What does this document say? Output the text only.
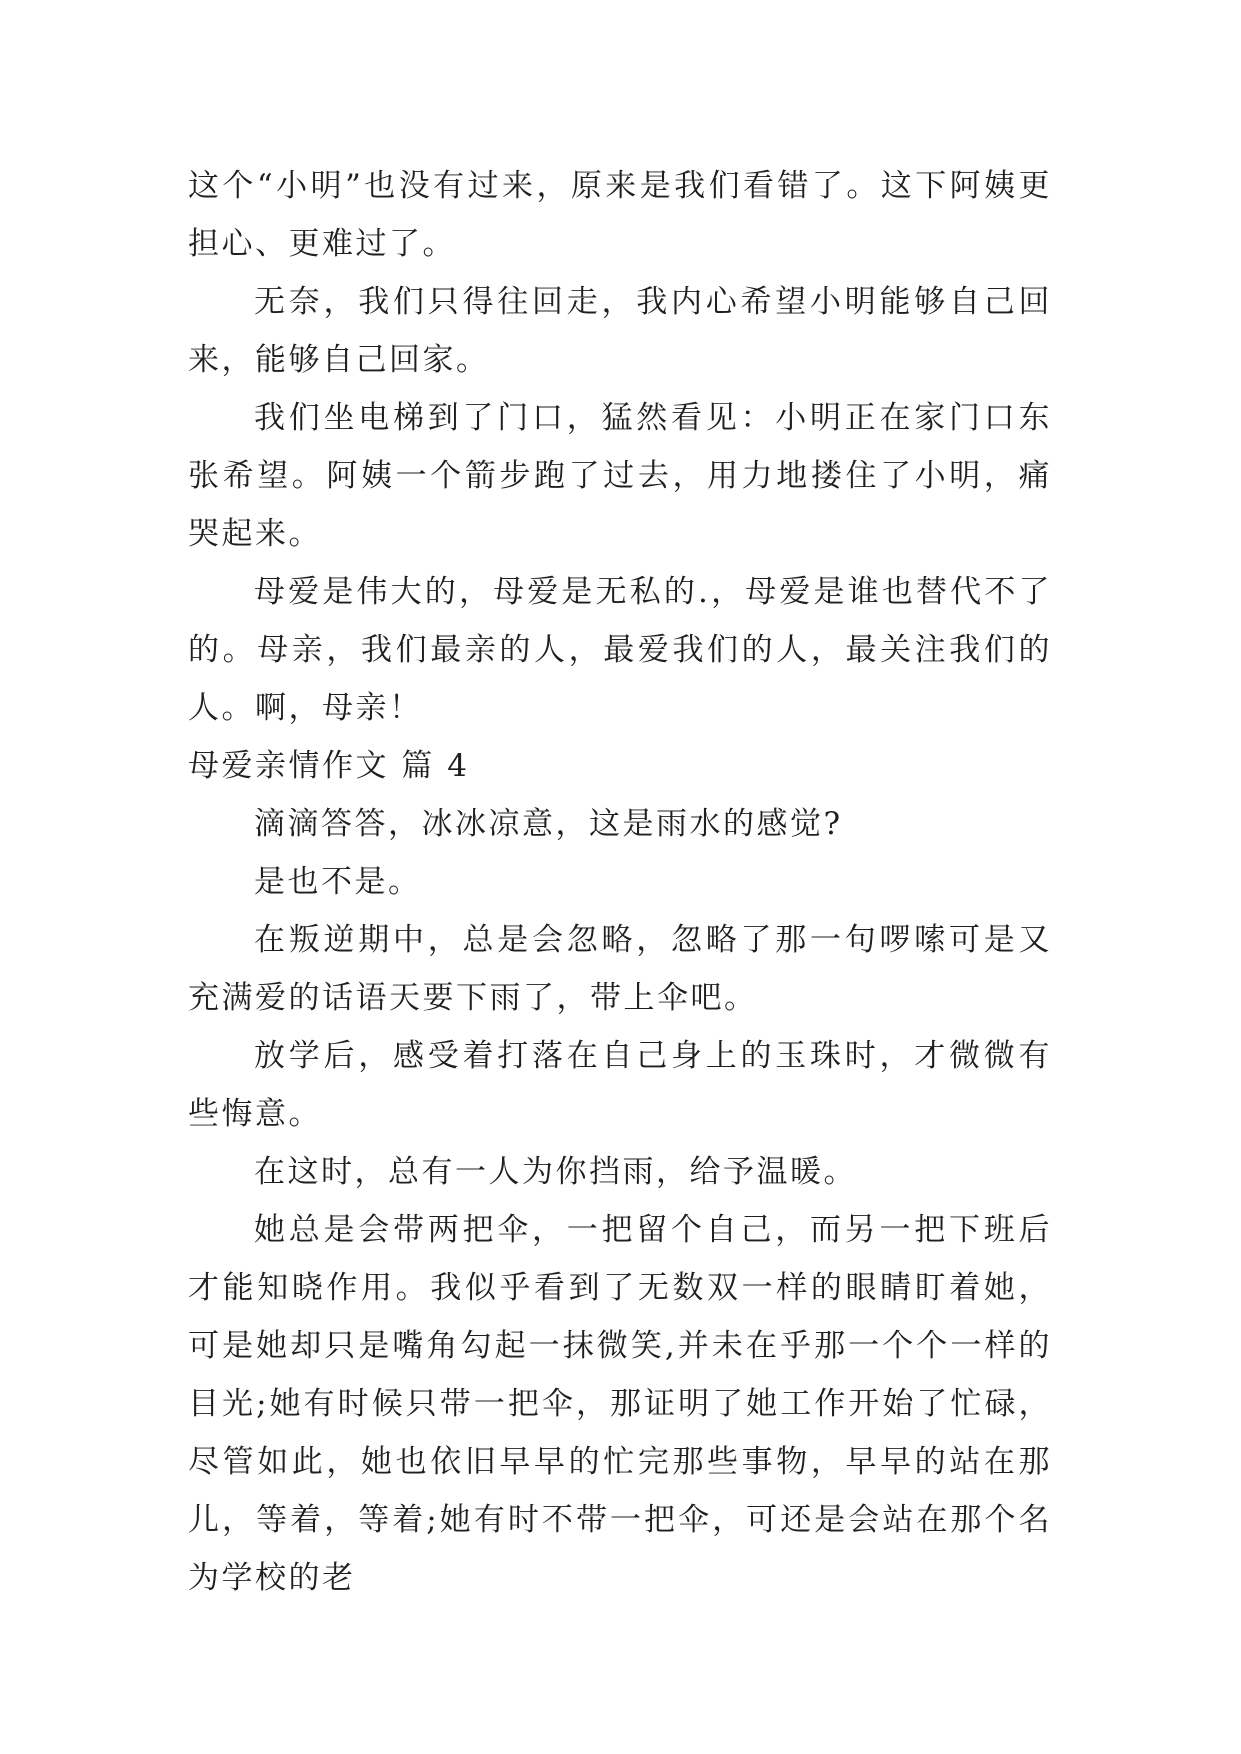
这个“小明”也没有过来，原来是我们看错了。这下阿姨更担心、更难过了。

无奈，我们只得往回走，我内心希望小明能够自己回来，能够自己回家。

我们坐电梯到了门口，猛然看见：小明正在家门口东张希望。阿姨一个箭步跑了过去，用力地搂住了小明，痛哭起来。

母爱是伟大的，母爱是无私的.，母爱是谁也替代不了的。母亲，我们最亲的人，最爱我们的人，最关注我们的人。啊，母亲！

母爱亲情作文 篇 4

滴滴答答，冰冰凉意，这是雨水的感觉?

是也不是。

在叛逆期中，总是会忽略，忽略了那一句啰嗦可是又充满爱的话语天要下雨了，带上伞吧。

放学后，感受着打落在自己身上的玉珠时，才微微有些悔意。

在这时，总有一人为你挡雨，给予温暖。

她总是会带两把伞，一把留个自己，而另一把下班后才能知晓作用。我似乎看到了无数双一样的眼睛盯着她，可是她却只是嘴角勾起一抹微笑,并未在乎那一个个一样的目光;她有时候只带一把伞，那证明了她工作开始了忙碌，尽管如此，她也依旧早早的忙完那些事物，早早的站在那儿，等着，等着;她有时不带一把伞，可还是会站在那个名为学校的老
